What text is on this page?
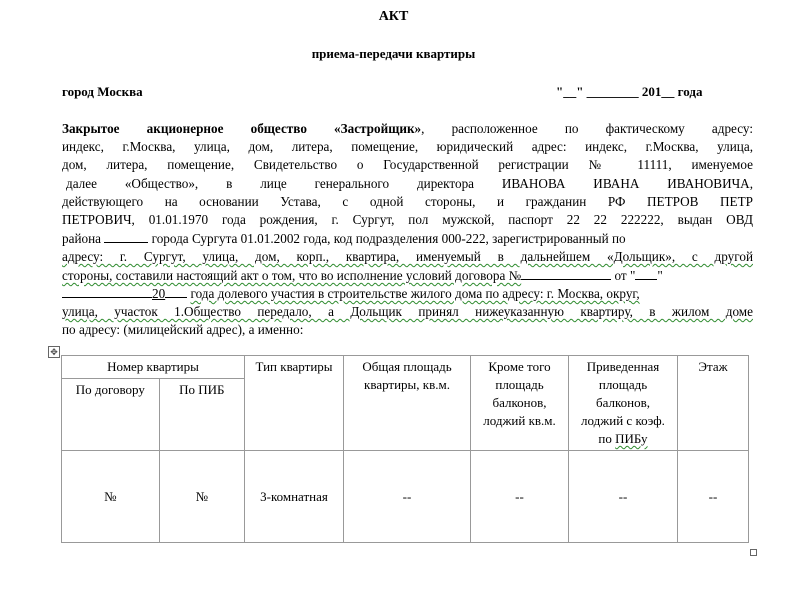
АКТ
приема-передачи квартиры
город Москва	"__" ________ 201__ года
Закрытое акционерное общество «Застройщик», расположенное по фактическому адресу:
индекс, г.Москва, улица, дом, литера, помещение, юридический адрес: индекс, г.Москва, улица,
дом, литера, помещение, Свидетельство о Государственной регистрации № 11111, именуемое
далее «Общество», в лице генерального директора ИВАНОВА ИВАНА ИВАНОВИЧА,
действующего на основании Устава, с одной стороны, и гражданин РФ ПЕТРОВ ПЕТР
ПЕТРОВИЧ, 01.01.1970 года рождения, г. Сургут, пол мужской, паспорт 22 22 222222, выдан ОВД
района	города Сургута 01.01.2002 года, код подразделения 000-222, зарегистрированный по
адресу: г. Сургут, улица, дом, корп., квартира, именуемый в дальнейшем «Дольщик», с другой
стороны, составили настоящий акт о том, что во исполнение условий договора №	от " "
20 года долевого участия в строительстве жилого дома по адресу: г. Москва, округ,
улица, участок 1.Общество передало, а Дольщик принял нижеуказанную квартиру, в жилом доме
по адресу: (милицейский адрес), а именно:
✥
Номер квартиры		Тип квартиры	Общая площадь квартиры, кв.м.	Кроме того площадь балконов, лоджий кв.м.	Приведенная
площадь
балконов,
лоджий с коэф.
по ПИБу	Этаж
По договору	По ПИБ					
№	№	3-комнатная	--	--	--	--
